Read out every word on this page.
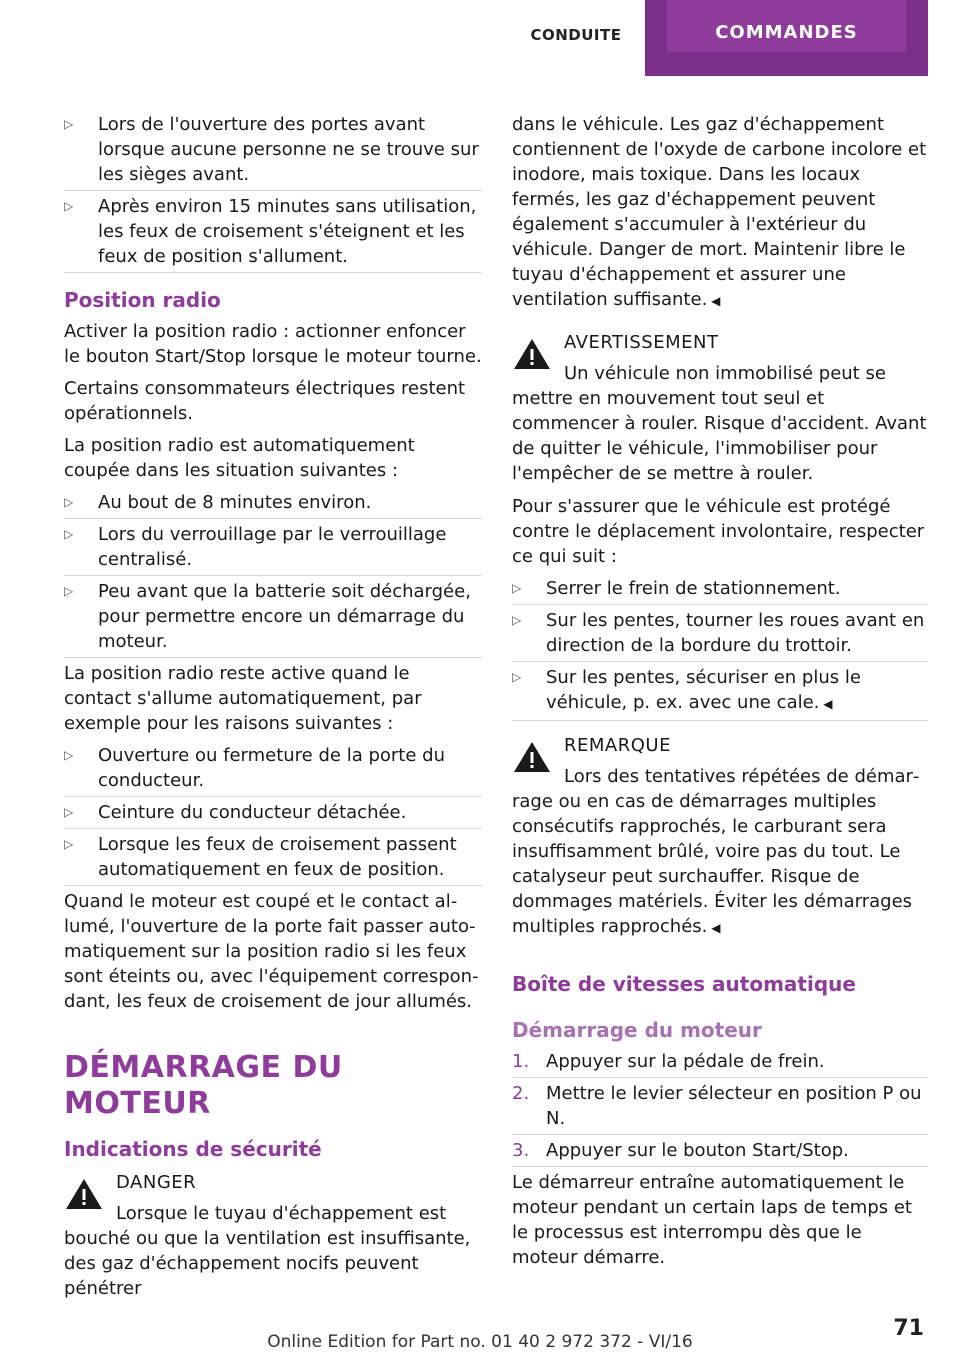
CONDUITE	COMMANDES
▷ Lors de l'ouverture des portes avant lorsque aucune personne ne se trouve sur les sièges avant.
▷ Après environ 15 minutes sans utilisation, les feux de croisement s'éteignent et les feux de position s'allument.
Position radio

Activer la position radio : actionner enfoncer le bouton Start/Stop lorsque le moteur tourne.

Certains consommateurs électriques restent opérationnels.

La position radio est automatiquement coupée dans les situation suivantes :

▷ Au bout de 8 minutes environ.
▷ Lors du verrouillage par le verrouillage centralisé.
▷ Peu avant que la batterie soit déchargée, pour permettre encore un démarrage du moteur.

La position radio reste active quand le contact s'allume automatiquement, par exemple pour les raisons suivantes :

▷ Ouverture ou fermeture de la porte du conducteur.
▷ Ceinture du conducteur détachée.
▷ Lorsque les feux de croisement passent automatiquement en feux de position.

Quand le moteur est coupé et le contact allumé, l'ouverture de la porte fait passer automatiquement sur la position radio si les feux sont éteints ou, avec l'équipement correspondant, les feux de croisement de jour allumés.

DÉMARRAGE DU MOTEUR
Indications de sécurité
DANGER
Lorsque le tuyau d'échappement est bouché ou que la ventilation est insuffisante, des gaz d'échappement nocifs peuvent pénétrer

dans le véhicule. Les gaz d'échappement contiennent de l'oxyde de carbone incolore et inodore, mais toxique. Dans les locaux fermés, les gaz d'échappement peuvent également s'accumuler à l'extérieur du véhicule. Danger de mort. Maintenir libre le tuyau d'échappement et assurer une ventilation suffisante. ◀

AVERTISSEMENT
Un véhicule non immobilisé peut se mettre en mouvement tout seul et commencer à rouler. Risque d'accident. Avant de quitter le véhicule, l'immobiliser pour l'empêcher de se mettre à rouler.

Pour s'assurer que le véhicule est protégé contre le déplacement involontaire, respecter ce qui suit :

▷ Serrer le frein de stationnement.
▷ Sur les pentes, tourner les roues avant en direction de la bordure du trottoir.
▷ Sur les pentes, sécuriser en plus le véhicule, p. ex. avec une cale. ◀
REMARQUE
Lors des tentatives répétées de démarrage ou en cas de démarrages multiples consécutifs rapprochés, le carburant sera insuffisamment brûlé, voire pas du tout. Le catalyseur peut surchauffer. Risque de dommages matériels. Éviter les démarrages multiples rapprochés. ◀
Boîte de vitesses automatique
Démarrage du moteur
1. Appuyer sur la pédale de frein.
2. Mettre le levier sélecteur en position P ou N.
3. Appuyer sur le bouton Start/Stop.

Le démarreur entraîne automatiquement le moteur pendant un certain laps de temps et le processus est interrompu dès que le moteur démarre.

71
Online Edition for Part no. 01 40 2 972 372 - VI/16
